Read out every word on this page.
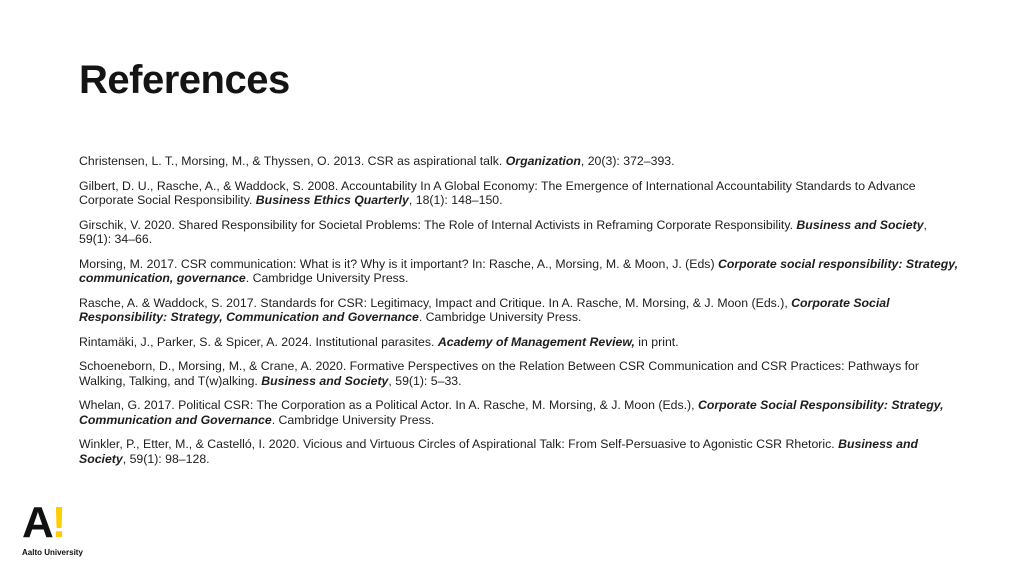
References

Christensen, L. T., Morsing, M., & Thyssen, O. 2013. CSR as aspirational talk. Organization, 20(3): 372–393.

Gilbert, D. U., Rasche, A., & Waddock, S. 2008. Accountability In A Global Economy: The Emergence of International Accountability Standards to Advance Corporate Social Responsibility. Business Ethics Quarterly, 18(1): 148–150.

Girschik, V. 2020. Shared Responsibility for Societal Problems: The Role of Internal Activists in Reframing Corporate Responsibility. Business and Society, 59(1): 34–66.

Morsing, M. 2017. CSR communication: What is it? Why is it important? In: Rasche, A., Morsing, M. & Moon, J. (Eds) Corporate social responsibility: Strategy, communication, governance. Cambridge University Press.

Rasche, A. & Waddock, S. 2017. Standards for CSR: Legitimacy, Impact and Critique. In A. Rasche, M. Morsing, & J. Moon (Eds.), Corporate Social Responsibility: Strategy, Communication and Governance. Cambridge University Press.

Rintamäki, J., Parker, S. & Spicer, A. 2024. Institutional parasites. Academy of Management Review, in print.

Schoeneborn, D., Morsing, M., & Crane, A. 2020. Formative Perspectives on the Relation Between CSR Communication and CSR Practices: Pathways for Walking, Talking, and T(w)alking. Business and Society, 59(1): 5–33.

Whelan, G. 2017. Political CSR: The Corporation as a Political Actor. In A. Rasche, M. Morsing, & J. Moon (Eds.), Corporate Social Responsibility: Strategy, Communication and Governance. Cambridge University Press.

Winkler, P., Etter, M., & Castelló, I. 2020. Vicious and Virtuous Circles of Aspirational Talk: From Self-Persuasive to Agonistic CSR Rhetoric. Business and Society, 59(1): 98–128.

A !
Aalto University
